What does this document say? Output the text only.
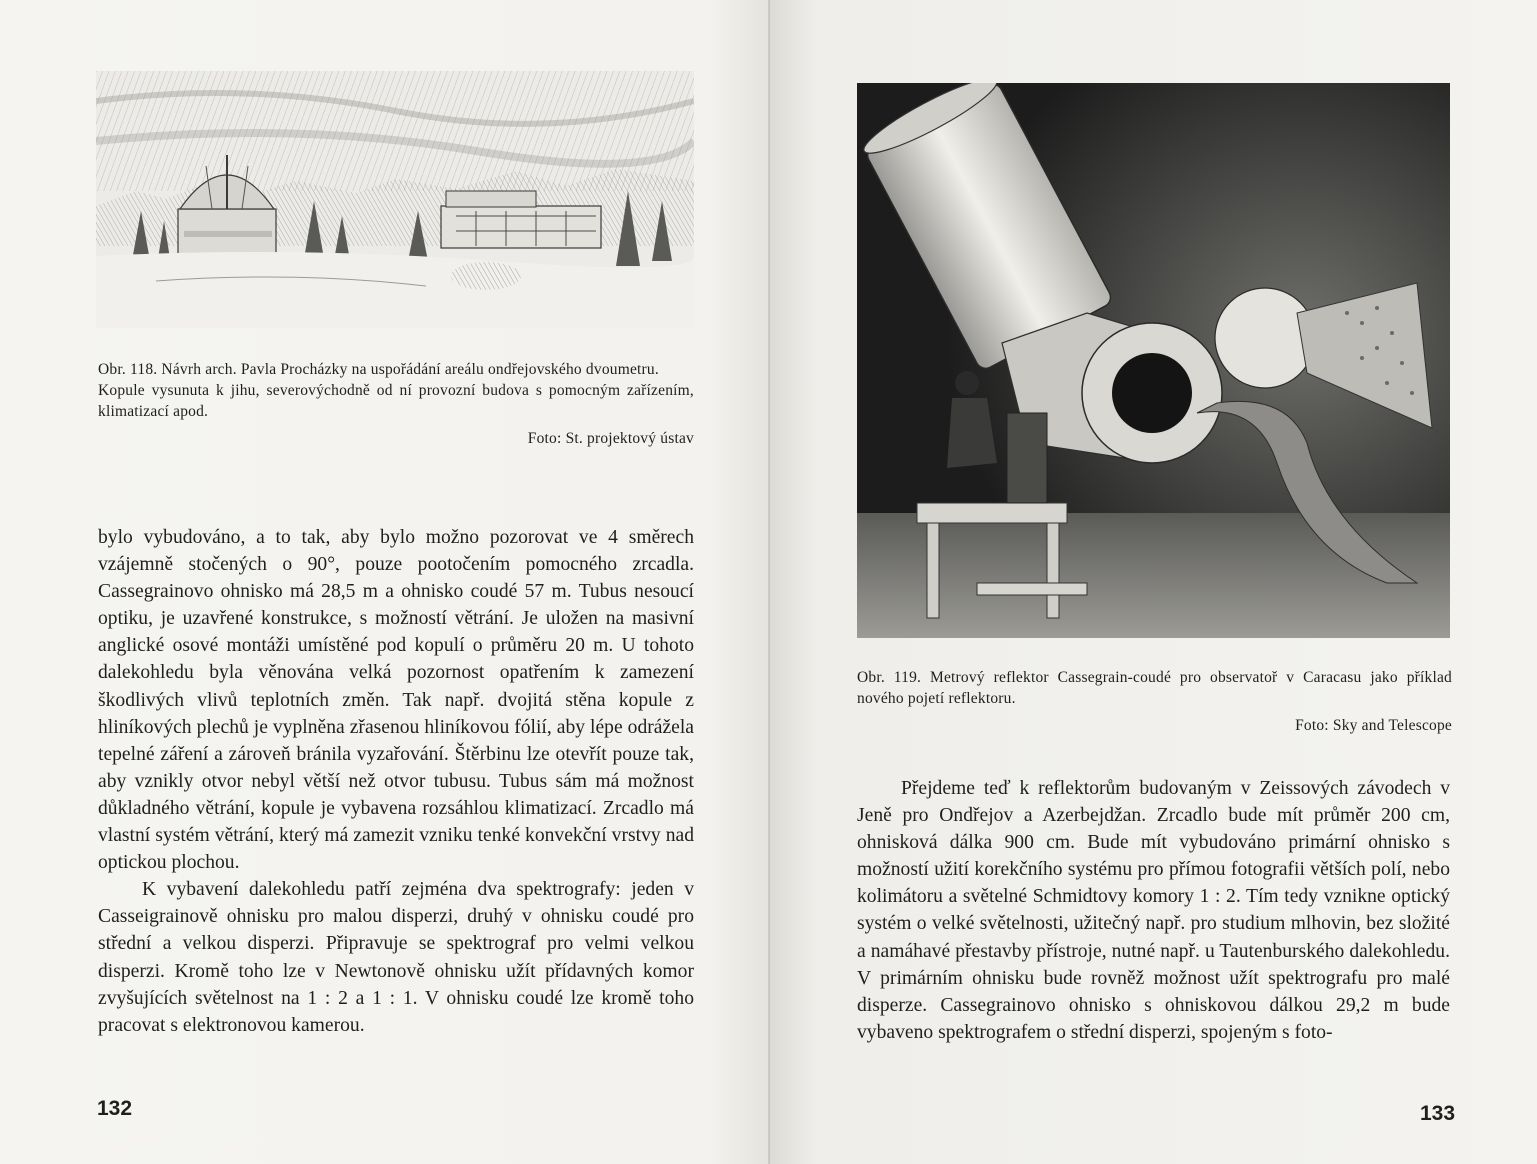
Obr. 118. Návrh arch. Pavla Procházky na uspořádání areálu ondřejovského dvoumetru.

Kopule vysunuta k jihu, severovýchodně od ní provozní budova s pomocným zařízením, klimatizací apod.

Foto: St. projektový ústav

bylo vybudováno, a to tak, aby bylo možno pozorovat ve 4 směrech vzájemně stočených o 90°, pouze pootočením pomocného zrcadla. Cassegrainovo ohnisko má 28,5 m a ohnisko coudé 57 m. Tubus nesoucí optiku, je uzavřené konstrukce, s možností větrání. Je uložen na masivní anglické osové montáži umístěné pod kopulí o průměru 20 m. U tohoto dalekohledu byla věnována velká pozornost opatřením k zamezení škodlivých vlivů teplotních změn. Tak např. dvojitá stěna kopule z hliníkových plechů je vyplněna zřasenou hliníkovou fólií, aby lépe odrážela tepelné záření a zároveň bránila vyzařování. Štěrbinu lze otevřít pouze tak, aby vznikly otvor nebyl větší než otvor tubusu. Tubus sám má možnost důkladného větrání, kopule je vybavena rozsáhlou klimatizací. Zrcadlo má vlastní systém větrání, který má zamezit vzniku tenké konvekční vrstvy nad optickou plochou.

K vybavení dalekohledu patří zejména dva spektrografy: jeden v Casseigrainově ohnisku pro malou disperzi, druhý v ohnisku coudé pro střední a velkou disperzi. Připravuje se spektrograf pro velmi velkou disperzi. Kromě toho lze v Newtonově ohnisku užít přídavných komor zvyšujících světelnost na 1 : 2 a 1 : 1. V ohnisku coudé lze kromě toho pracovat s elektronovou kamerou.

132

Obr. 119. Metrový reflektor Cassegrain-coudé pro observatoř v Caracasu jako příklad nového pojetí reflektoru.

Foto: Sky and Telescope

Přejdeme teď k reflektorům budovaným v Zeissových závodech v Jeně pro Ondřejov a Azerbejdžan. Zrcadlo bude mít průměr 200 cm, ohnisková dálka 900 cm. Bude mít vybudováno primární ohnisko s možností užití korekčního systému pro přímou fotografii větších polí, nebo kolimátoru a světelné Schmidtovy komory 1 : 2. Tím tedy vznikne optický systém o velké světelnosti, užitečný např. pro studium mlhovin, bez složité a namáhavé přestavby přístroje, nutné např. u Tautenburského dalekohledu. V primárním ohnisku bude rovněž možnost užít spektrografu pro malé disperze. Cassegrainovo ohnisko s ohniskovou dálkou 29,2 m bude vybaveno spektrografem o střední disperzi, spojeným s foto-

133
